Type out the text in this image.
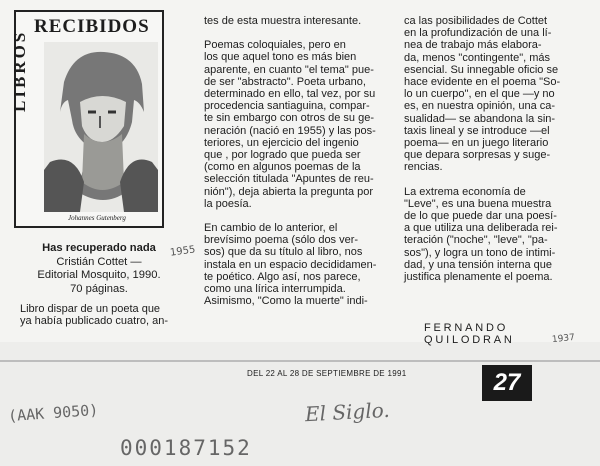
RECIBIDOS
LIBROS
Johannes Gutenberg
Has recuperado nada
Cristián Cottet —
Editorial Mosquito, 1990.
70 páginas.
Libro dispar de un poeta que
ya había publicado cuatro, an-
tes de esta muestra interesante.
Poemas coloquiales, pero en
los que aquel tono es más bien
aparente, en cuanto "el tema" pue-
de ser "abstracto". Poeta urbano,
determinado en ello, tal vez, por su
procedencia santiaguina, compar-
te sin embargo con otros de su ge-
neración (nació en 1955) y las pos-
teriores, un ejercicio del ingenio
que , por logrado que pueda ser
(como en algunos poemas de la
selección titulada "Apuntes de reu-
nión"), deja abierta la pregunta por
la poesía.
En cambio de lo anterior, el
brevísimo poema (sólo dos ver-
sos) que da su título al libro, nos
instala en un espacio decididamen-
te poético. Algo así, nos parece,
como una lírica interrumpida.
Asimismo, "Como la muerte" indi-
ca las posibilidades de Cottet
en la profundización de una lí-
nea de trabajo más elabora-
da, menos "contingente", más
esencial. Su innegable oficio se
hace evidente en el poema "So-
lo un cuerpo", en el que —y no
es, en nuestra opinión, una ca-
sualidad— se abandona la sin-
taxis lineal y se introduce —el
poema— en un juego literario
que depara sorpresas y suge-
rencias.
La extrema economía de
"Leve", es una buena muestra
de lo que puede dar una poesí-
a que utiliza una deliberada rei-
teración ("noche", "leve", "pa-
sos"), y logra un tono de intimi-
dad, y una tensión interna que
justifica plenamente el poema.
FERNANDO QUILODRAN
1955
1937
DEL 22 AL 28 DE SEPTIEMBRE DE 1991	27
(AAK 9050)	El Siglo.
000187152
